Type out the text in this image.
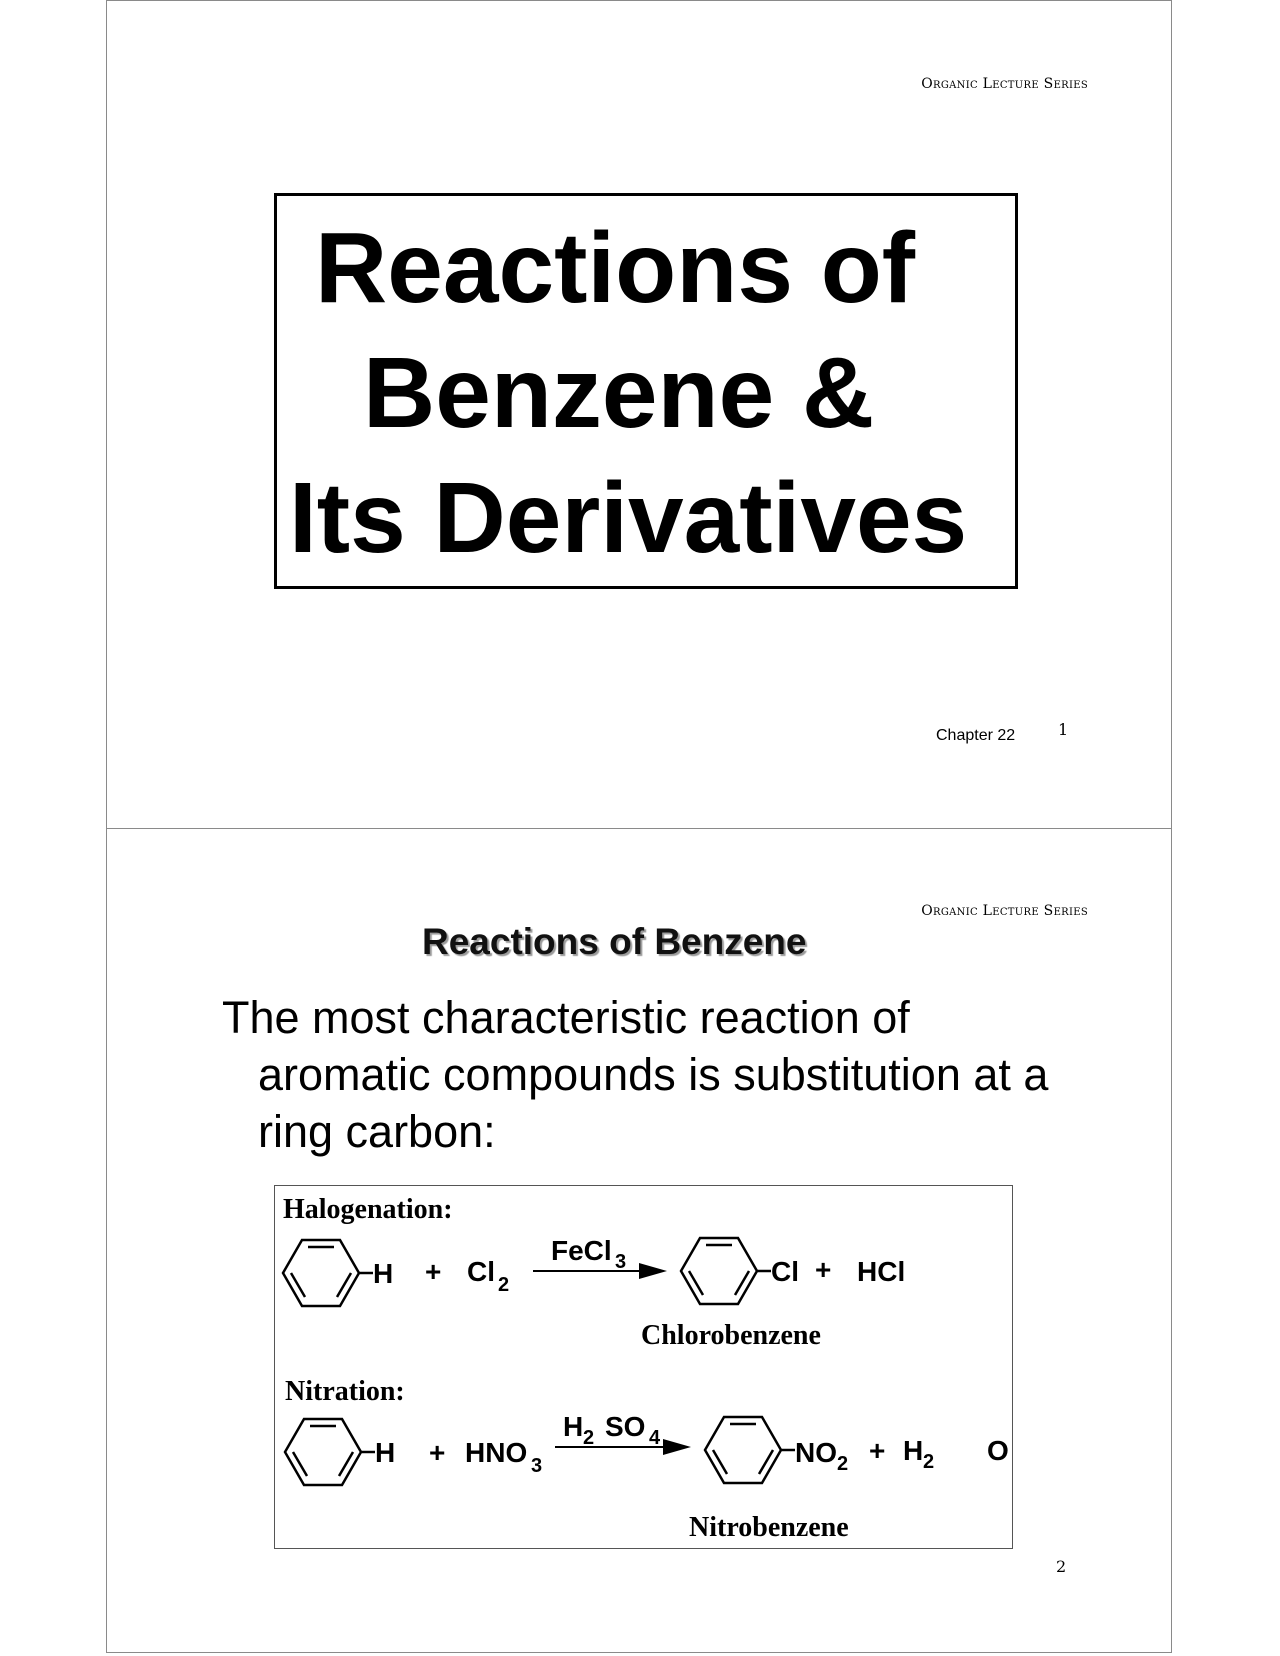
Organic Lecture Series
Reactions of
Benzene &
Its Derivatives
Chapter 22	1
Organic Lecture Series
Reactions of Benzene
The most characteristic reaction of aromatic compounds is substitution at a ring carbon:
Halogenation:
H + Cl 2
FeCl 3	Cl + HCl
Chlorobenzene
Nitration:
H + HNO 3
H 2 SO 4	NO 2 + H 2 O
Nitrobenzene
2
